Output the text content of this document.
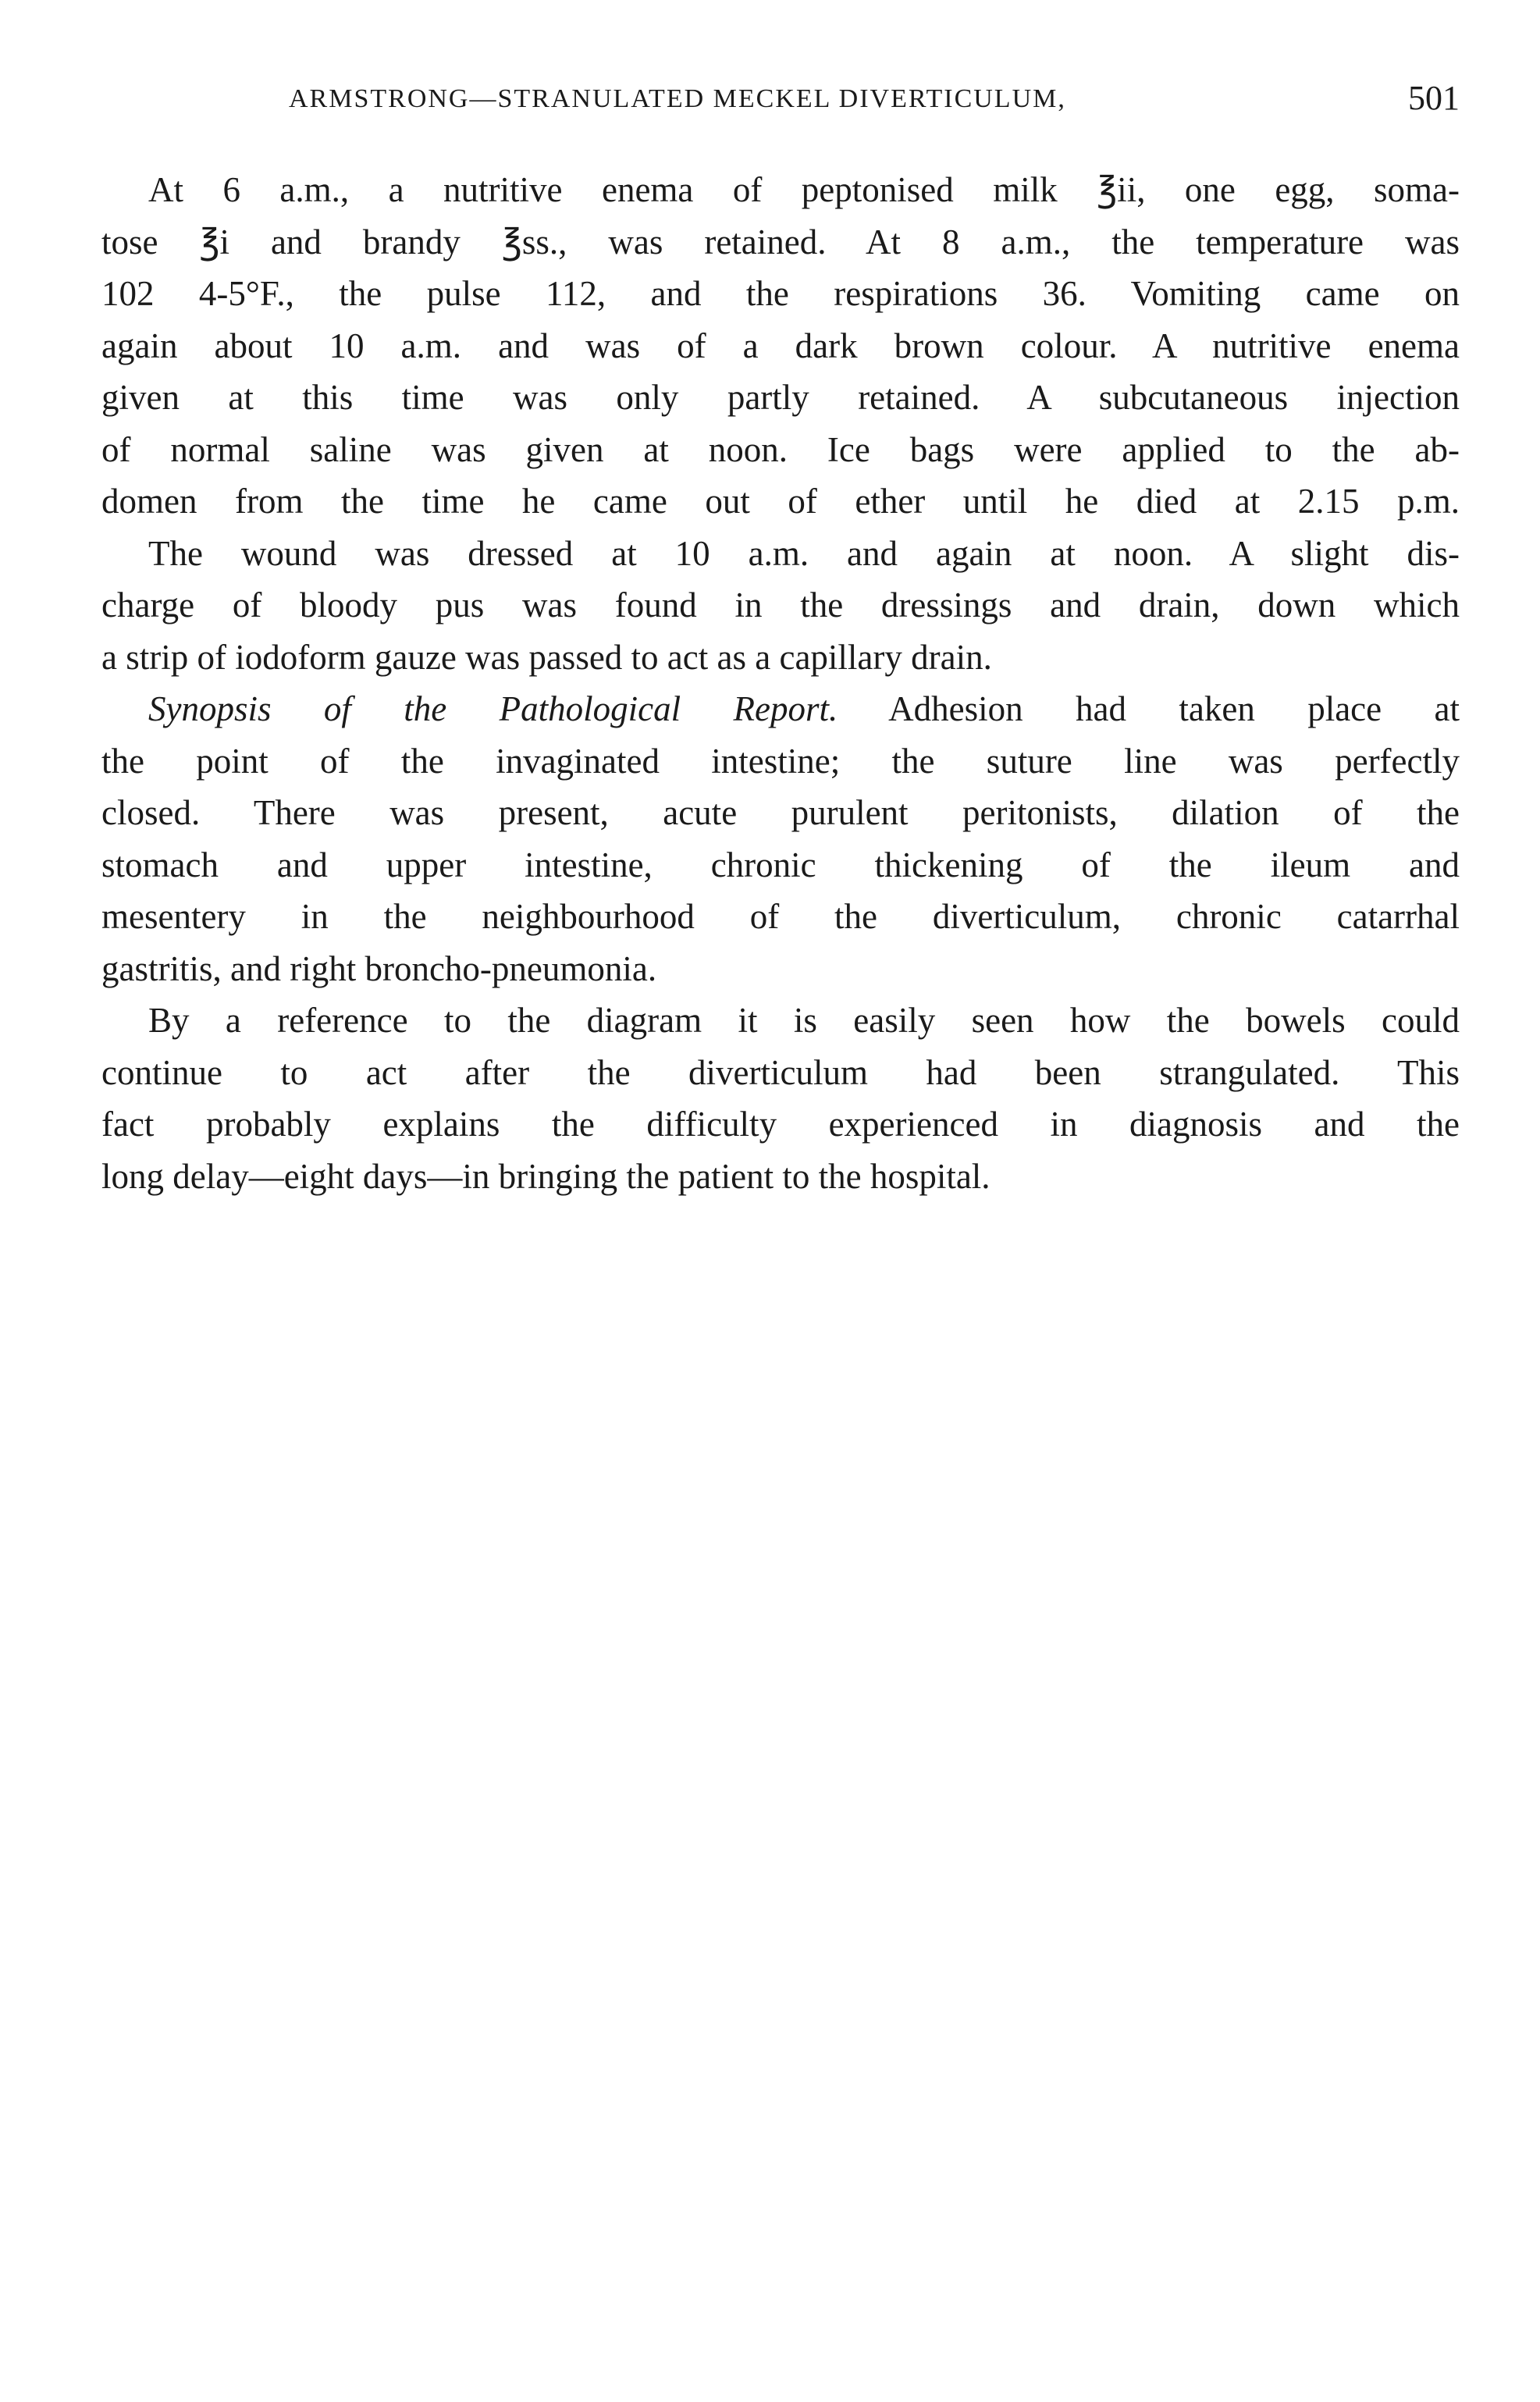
ARMSTRONG—STRANULATED MECKEL DIVERTICULUM,	501
At 6 a.m., a nutritive enema of peptonised milk ℥ii, one egg, soma-
tose ℥i and brandy ℥ss., was retained. At 8 a.m., the temperature was
102 4-5°F., the pulse 112, and the respirations 36. Vomiting came on
again about 10 a.m. and was of a dark brown colour. A nutritive enema
given at this time was only partly retained. A subcutaneous injection
of normal saline was given at noon. Ice bags were applied to the ab-
domen from the time he came out of ether until he died at 2.15 p.m.
The wound was dressed at 10 a.m. and again at noon. A slight dis-
charge of bloody pus was found in the dressings and drain, down which
a strip of iodoform gauze was passed to act as a capillary drain.
Synopsis of the Pathological Report. Adhesion had taken place at
the point of the invaginated intestine; the suture line was perfectly
closed. There was present, acute purulent peritonists, dilation of the
stomach and upper intestine, chronic thickening of the ileum and
mesentery in the neighbourhood of the diverticulum, chronic catarrhal
gastritis, and right broncho-pneumonia.
By a reference to the diagram it is easily seen how the bowels could
continue to act after the diverticulum had been strangulated. This
fact probably explains the difficulty experienced in diagnosis and the
long delay—eight days—in bringing the patient to the hospital.
